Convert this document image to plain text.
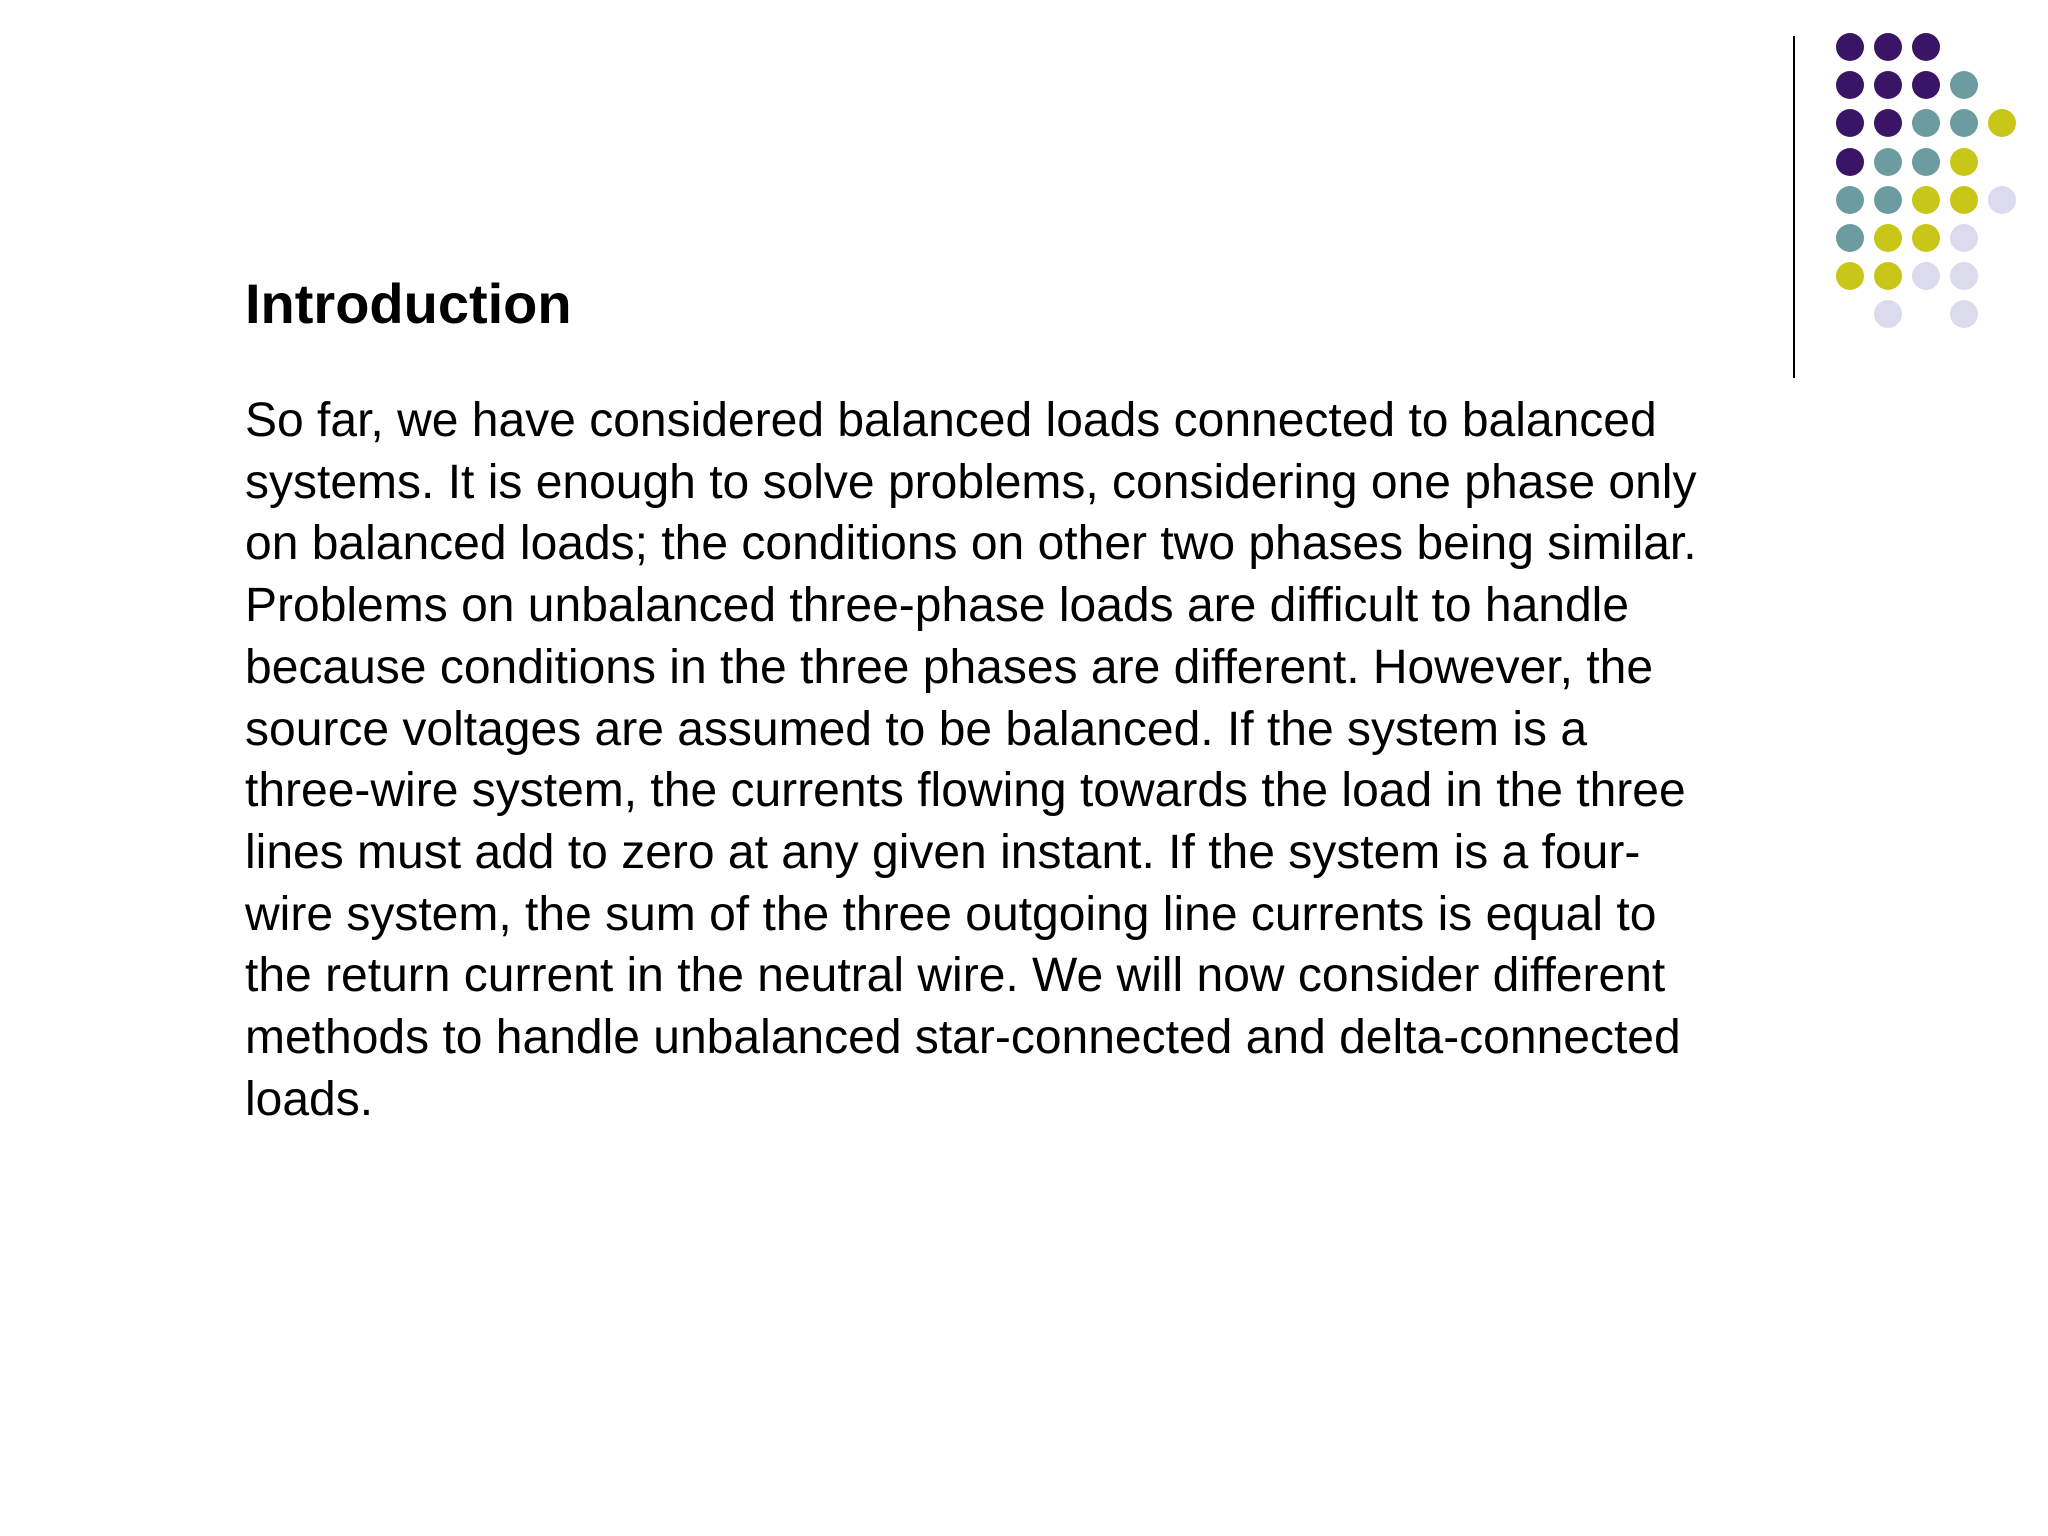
Introduction
So far, we have considered balanced loads connected to balanced
systems. It is enough to solve problems, considering one phase only
on balanced loads; the conditions on other two phases being similar.
Problems on unbalanced three-phase loads are difficult to handle
because conditions in the three phases are different. However, the
source voltages are assumed to be balanced. If the system is a
three-wire system, the currents flowing towards the load in the three
lines must add to zero at any given instant. If the system is a four-
wire system, the sum of the three outgoing line currents is equal to
the return current in the neutral wire. We will now consider different
methods to handle unbalanced star-connected and delta-connected
loads.
